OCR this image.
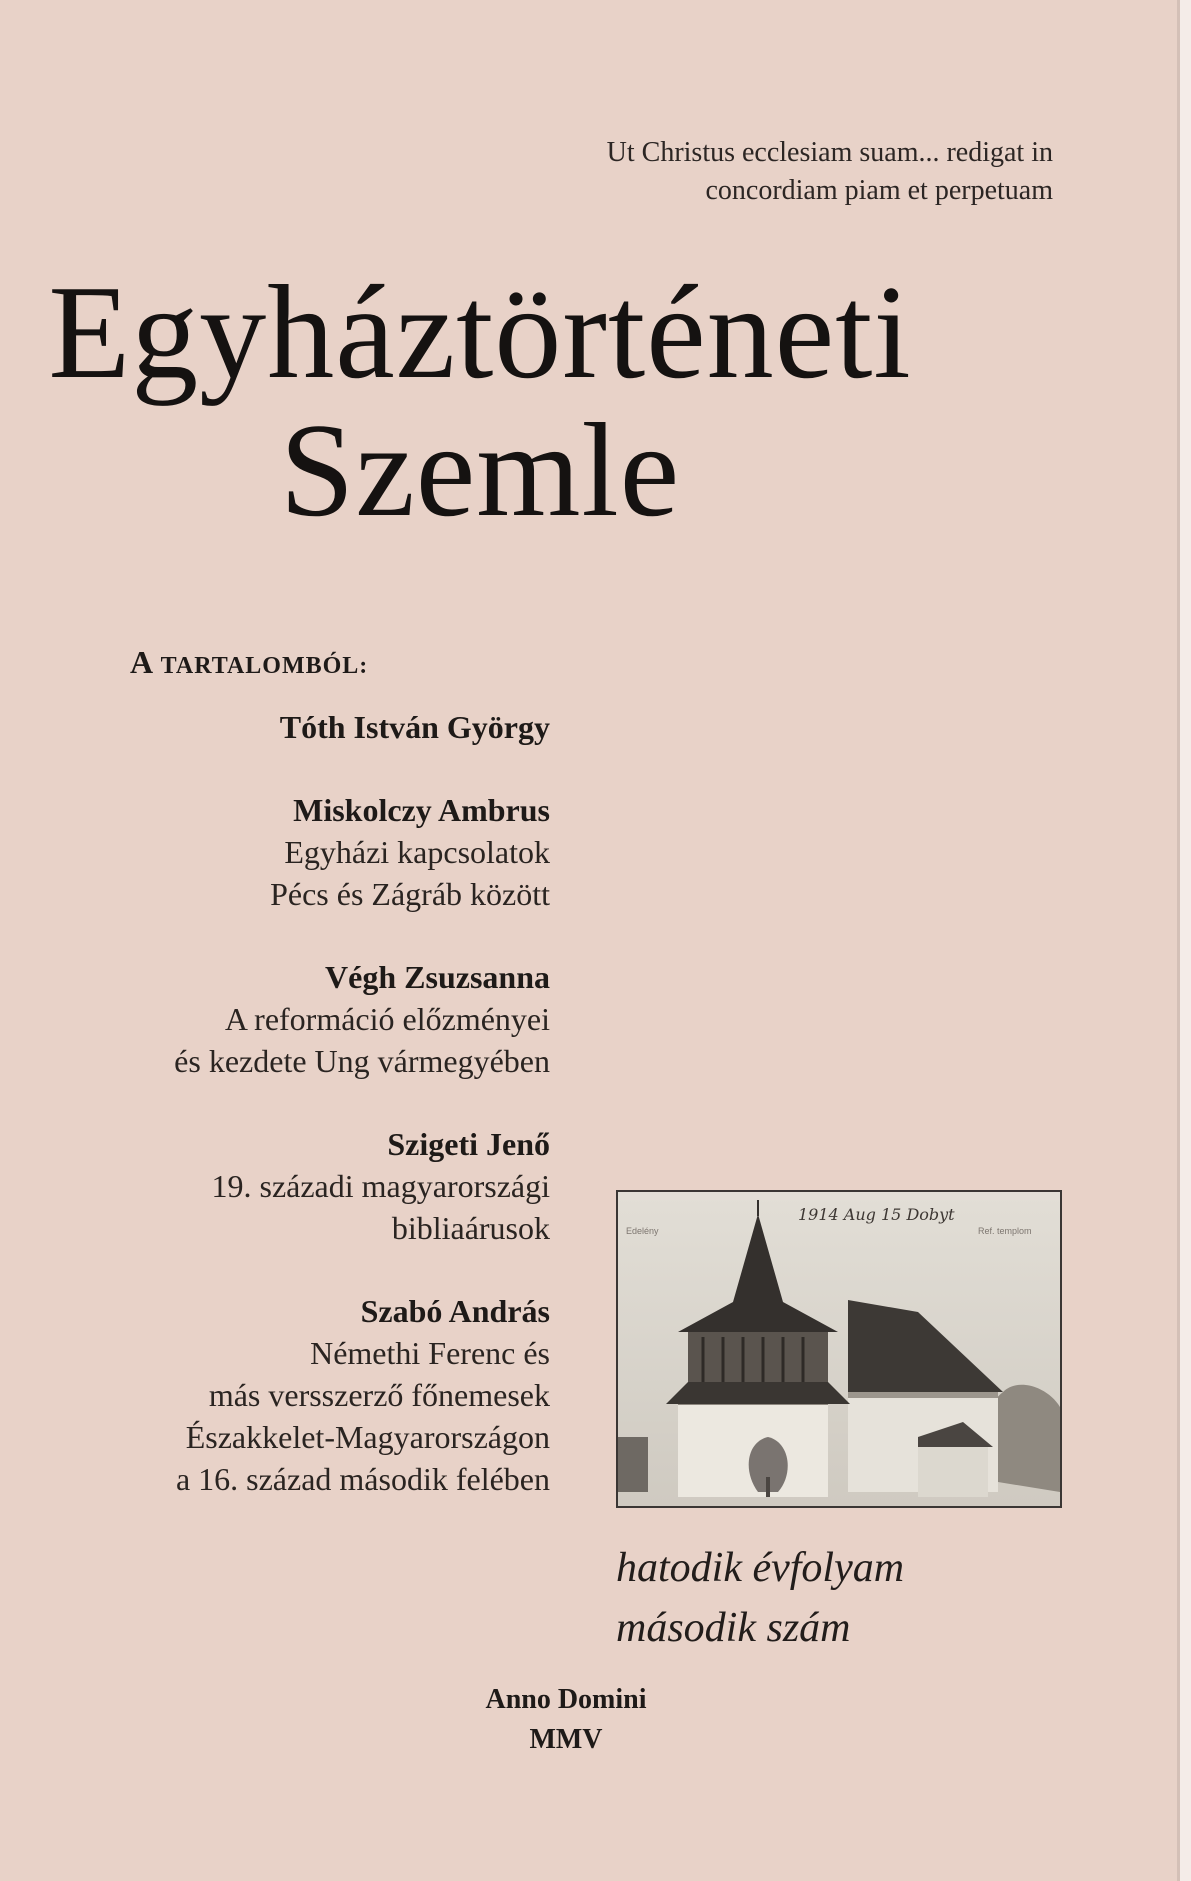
Ut Christus ecclesiam suam... redigat in
concordiam piam et perpetuam
Egyháztörténeti
Szemle
A TARTALOMBÓL:
Tóth István György
Miskolczy Ambrus
Egyházi kapcsolatok
Pécs és Zágráb között
Végh Zsuzsanna
A reformáció előzményei
és kezdete Ung vármegyében
Szigeti Jenő
19. századi magyarországi
bibliaárusok
Szabó András
Némethi Ferenc és
más versszerző főnemesek
Északkelet-Magyarországon
a 16. század második felében
Edelény	Ref. templom
1914 Aug 15 Dobyt
hatodik évfolyam
második szám
Anno Domini
MMV
